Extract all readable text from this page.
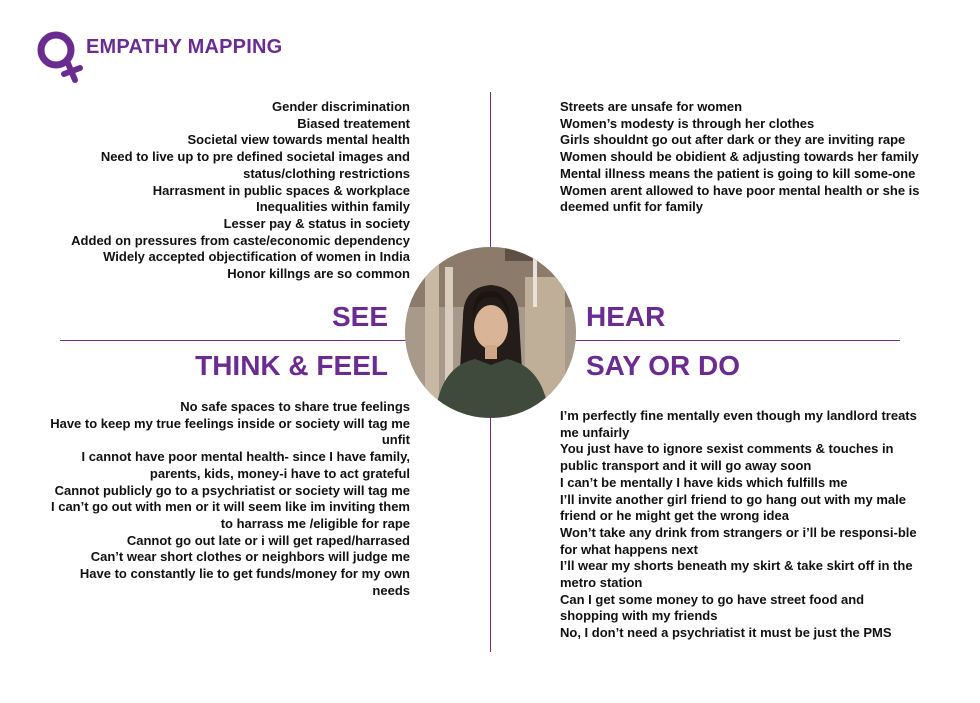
EMPATHY MAPPING
Gender discrimination
Biased treatement
Societal view towards mental health
Need to live up to pre defined societal images and status/clothing restrictions
Harrasment in public spaces & workplace
Inequalities within family
Lesser pay & status in society
Added on pressures from caste/economic dependency
Widely accepted objectification of women in India
Honor killngs are so common
Streets are unsafe for women
Women’s modesty is through her clothes
Girls shouldnt go out after dark or they are inviting rape
Women should be obidient & adjusting towards her family
Mental illness means the patient is going to kill some-one
Women arent allowed to have poor mental health or she is deemed unfit for family
No safe spaces to share true feelings
Have to keep my true feelings inside or society will tag me unfit
I cannot have poor mental health- since I have family, parents, kids, money-i have to act grateful
Cannot publicly go to a psychriatist or society will tag me
I can’t go out with men or it will seem like im inviting them to harrass me /eligible for rape
Cannot go out late or i will get raped/harrased
Can’t wear short clothes or neighbors will judge me
Have to constantly lie to get funds/money for my own needs
I’m perfectly fine mentally even though my landlord treats me unfairly
You just have to ignore sexist comments & touches in public transport and it will go away soon
I can’t be mentally I have kids which fulfills me
I’ll invite another girl friend to go hang out with my male friend or he might get the wrong idea
Won’t take any drink from strangers or i’ll be responsi-ble for what happens next
I’ll wear my shorts beneath my skirt & take skirt off in the metro station
Can I get some money to go have street food and shopping with my friends
No, I don’t need a psychriatist it must be just the PMS
SEE	HEAR
THINK & FEEL	SAY OR DO
